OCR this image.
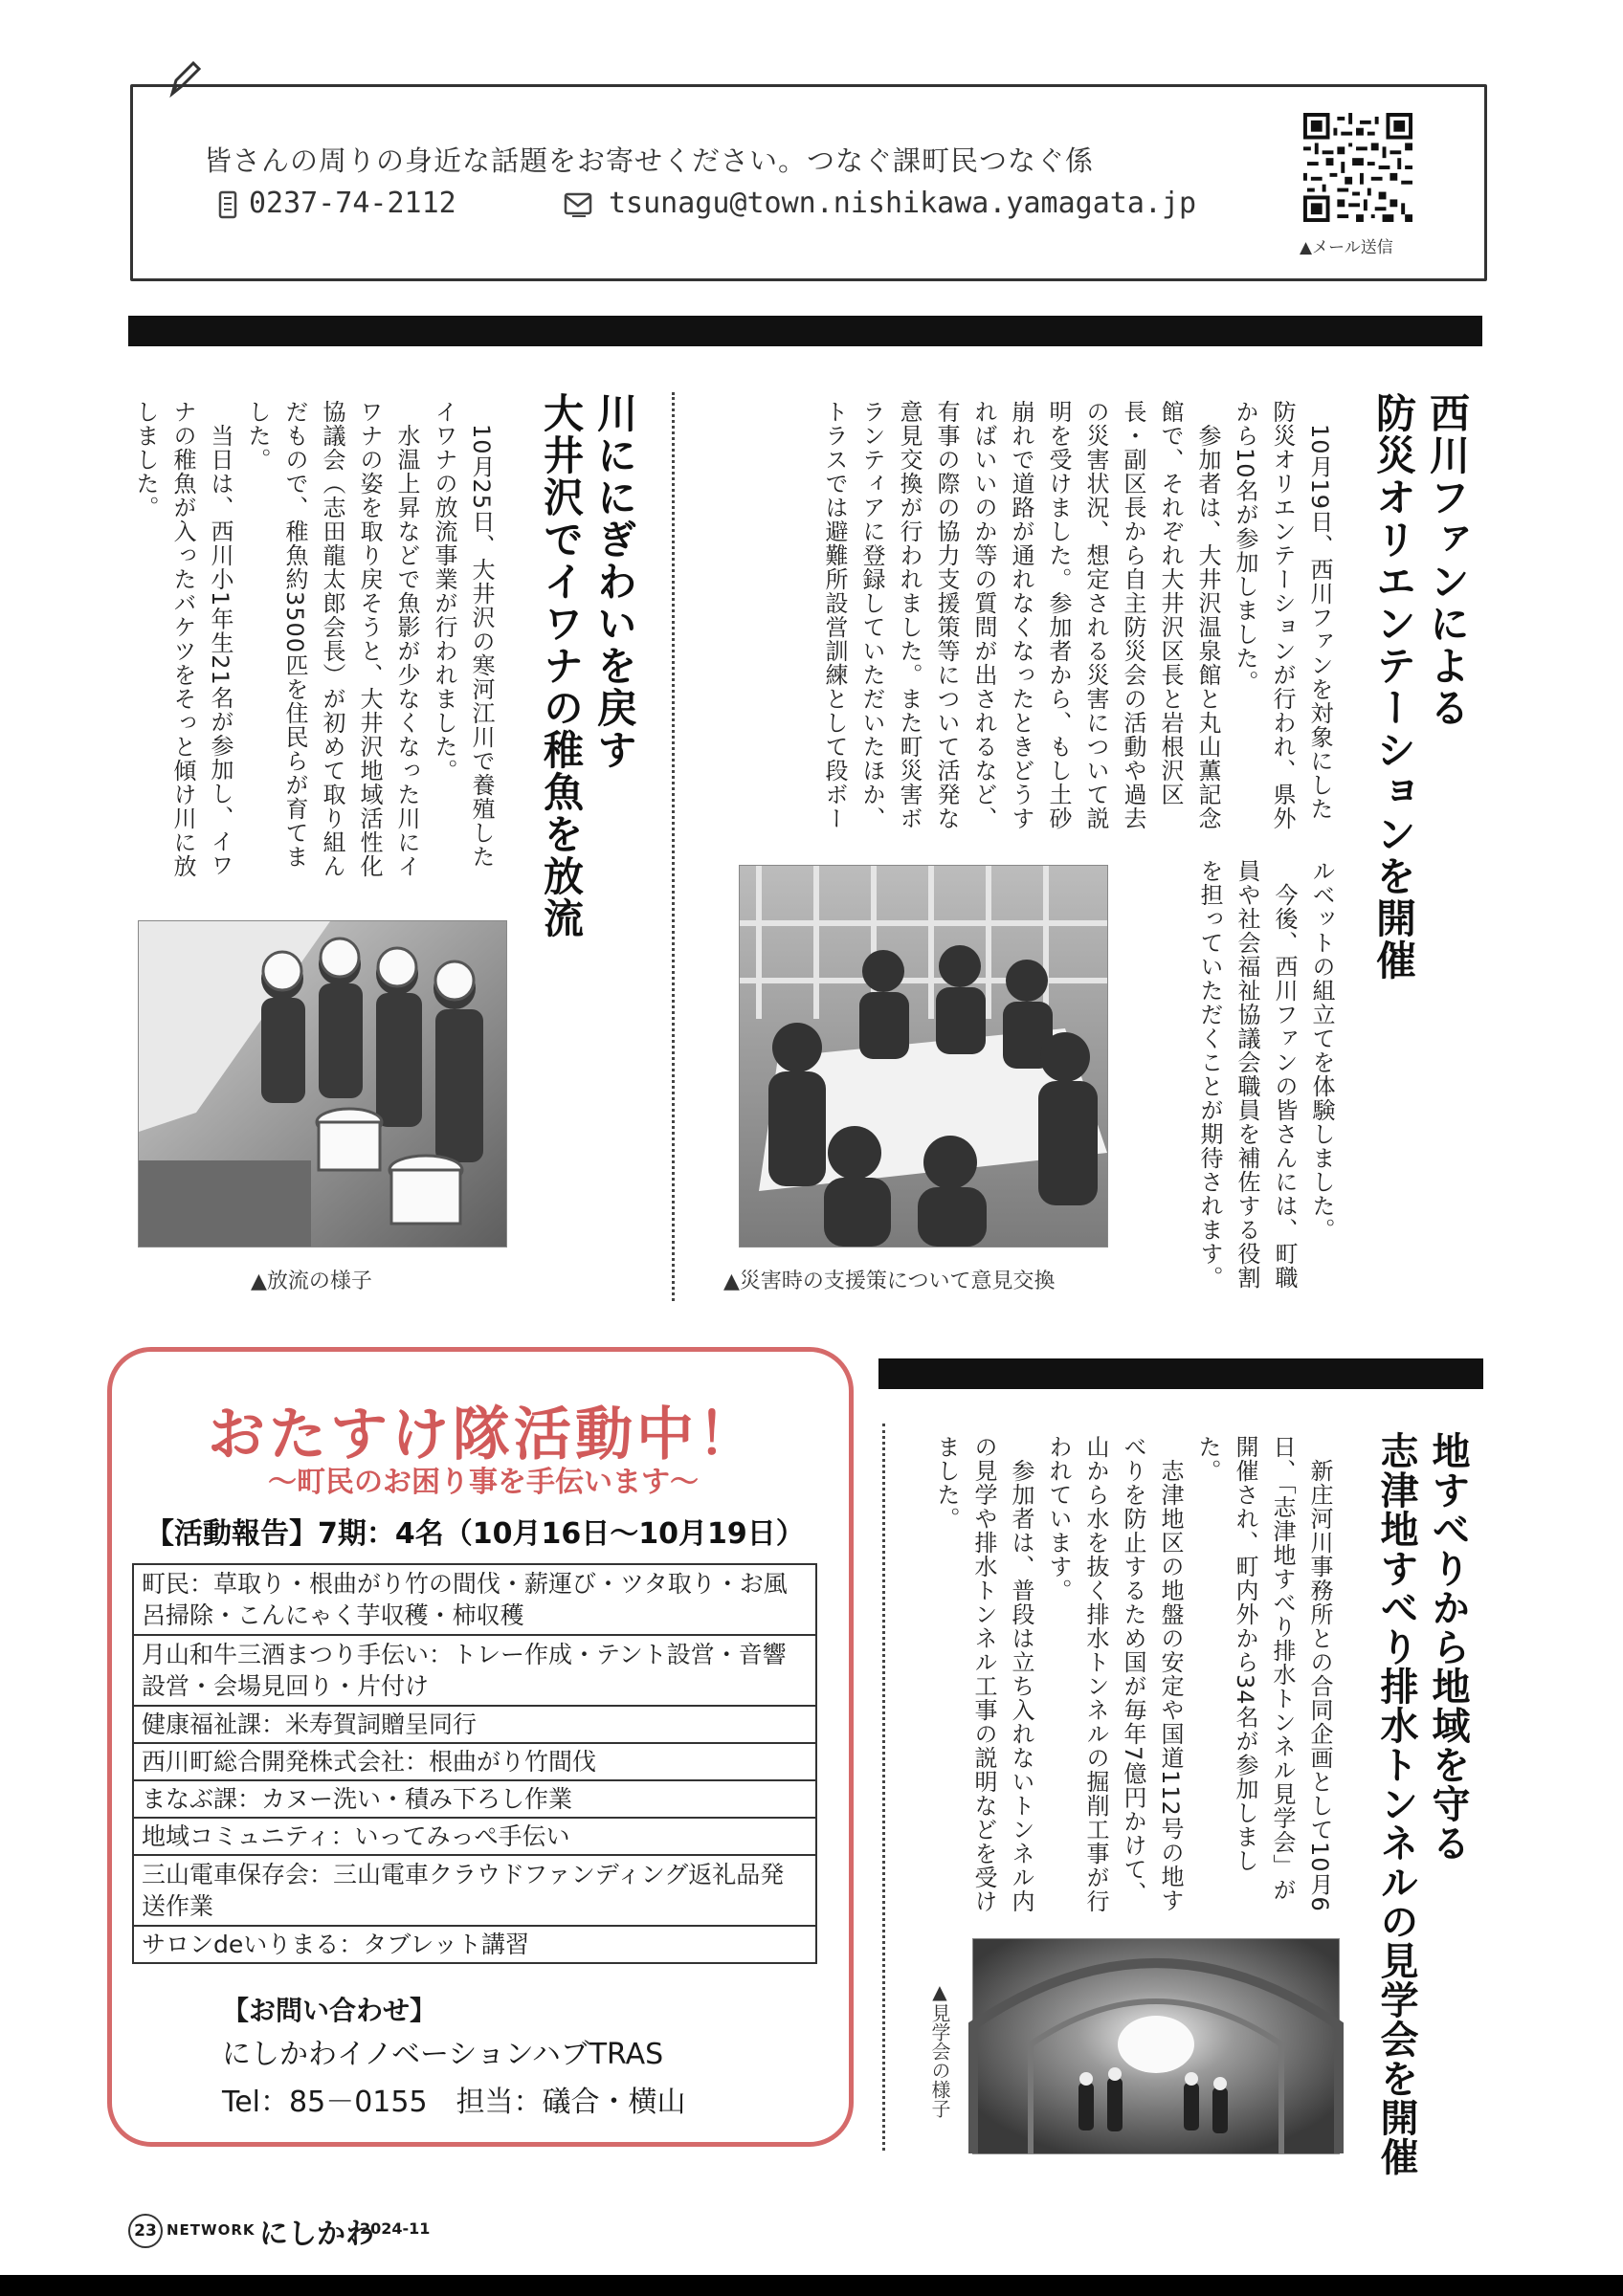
皆さんの周りの身近な話題をお寄せください。つなぐ課町民つなぐ係
0237-74-2112	tsunagu@town.nishikawa.yamagata.jp
▲メール送信
西川ファンによる
防災オリエンテーションを開催
　10月19日、西川ファンを対象にした防災オリエンテーションが行われ、県外から10名が参加しました。
　参加者は、大井沢温泉館と丸山薫記念館で、それぞれ大井沢区長と岩根沢区長・副区長から自主防災会の活動や過去の災害状況、想定される災害について説明を受けました。参加者から、もし土砂崩れで道路が通れなくなったときどうすればいいのか等の質問が出されるなど、有事の際の協力支援策等について活発な意見交換が行われました。また町災害ボランティアに登録していただいたほか、トラスでは避難所設営訓練として段ボー
ルベットの組立てを体験しました。
　今後、西川ファンの皆さんには、町職員や社会福祉協議会職員を補佐する役割を担っていただくことが期待されます。
▲災害時の支援策について意見交換
川ににぎわいを戻す
大井沢でイワナの稚魚を放流
　10月25日、大井沢の寒河江川で養殖したイワナの放流事業が行われました。
　水温上昇などで魚影が少なくなった川にイワナの姿を取り戻そうと、大井沢地域活性化協議会（志田龍太郎会長）が初めて取り組んだもので、稚魚約3500匹を住民らが育てました。
　当日は、西川小1年生21名が参加し、イワナの稚魚が入ったバケツをそっと傾け川に放しました。
▲放流の様子
おたすけ隊活動中！
～町民のお困り事を手伝います～
【活動報告】7期：4名（10月16日～10月19日）
町民：草取り・根曲がり竹の間伐・薪運び・ツタ取り・お風呂掃除・こんにゃく芋収穫・柿収穫
月山和牛三酒まつり手伝い：トレー作成・テント設営・音響設営・会場見回り・片付け
健康福祉課：米寿賀詞贈呈同行
西川町総合開発株式会社：根曲がり竹間伐
まなぶ課：カヌー洗い・積み下ろし作業
地域コミュニティ：いってみっぺ手伝い
三山電車保存会：三山電車クラウドファンディング返礼品発送作業
サロンdeいりまる：タブレット講習
【お問い合わせ】
にしかわイノベーションハブTRAS
Tel：85－0155　担当：礒合・横山
地すべりから地域を守る
志津地すべり排水トンネルの見学会を開催
　新庄河川事務所との合同企画として10月6日、「志津地すべり排水トンネル見学会」が開催され、町内外から34名が参加しました。
　志津地区の地盤の安定や国道112号の地すべりを防止するため国が毎年7億円かけて、山から水を抜く排水トンネルの掘削工事が行われています。
　参加者は、普段は立ち入れないトンネル内の見学や排水トンネル工事の説明などを受けました。
▲見学会の様子
23 NETWORK にしかわ
2024-11
